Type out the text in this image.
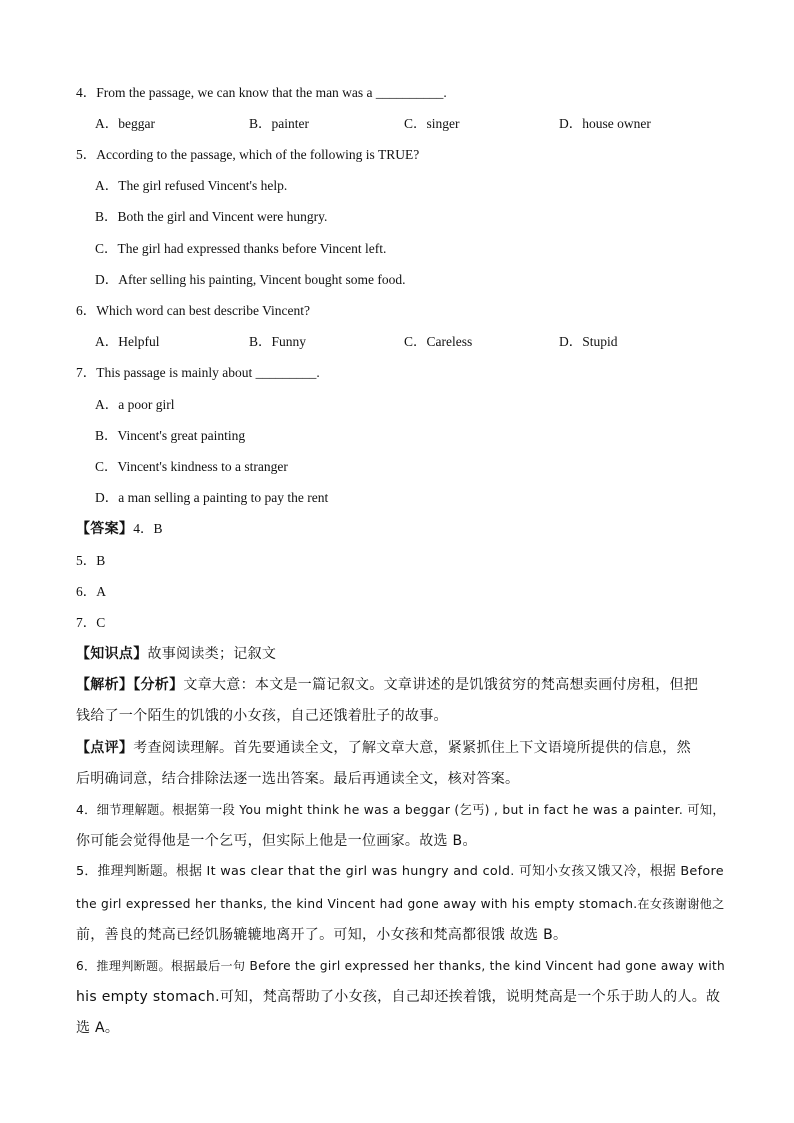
4．From the passage, we can know that the man was a __________.
A．beggar	B．painter	C．singer	D．house owner
5．According to the passage, which of the following is TRUE?
A．The girl refused Vincent's help.
B．Both the girl and Vincent were hungry.
C．The girl had expressed thanks before Vincent left.
D．After selling his painting, Vincent bought some food.
6．Which word can best describe Vincent?
A．Helpful	B．Funny	C．Careless	D．Stupid
7．This passage is mainly about _________.
A．a poor girl
B．Vincent's great painting
C．Vincent's kindness to a stranger
D．a man selling a painting to pay the rent
【答案】4．B
5．B
6．A
7．C
【知识点】故事阅读类；记叙文
【解析】【分析】文章大意：本文是一篇记叙文。文章讲述的是饥饿贫穷的梵高想卖画付房租，但把
钱给了一个陌生的饥饿的小女孩，自己还饿着肚子的故事。
【点评】考查阅读理解。首先要通读全文，了解文章大意，紧紧抓住上下文语境所提供的信息，然
后明确词意，结合排除法逐一选出答案。最后再通读全文，核对答案。
4．细节理解题。根据第一段 You might think he was a beggar (乞丐) , but in fact he was a painter. 可知，
你可能会觉得他是一个乞丐，但实际上他是一位画家。故选 B。
5．推理判断题。根据 It was clear that the girl was hungry and cold. 可知小女孩又饿又冷，根据 Before
the girl expressed her thanks, the kind Vincent had gone away with his empty stomach.在女孩谢谢他之
前，善良的梵高已经饥肠辘辘地离开了。可知，小女孩和梵高都很饿 故选 B。
6．推理判断题。根据最后一句 Before the girl expressed her thanks, the kind Vincent had gone away with
his empty stomach.可知，梵高帮助了小女孩，自己却还挨着饿，说明梵高是一个乐于助人的人。故
选 A。
